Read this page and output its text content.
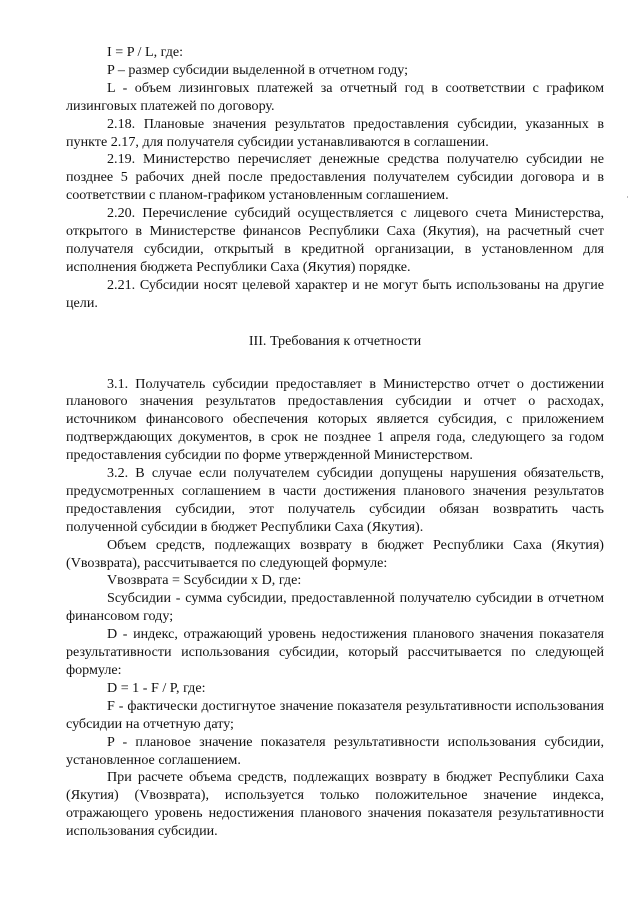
I = P / L, где:

P – размер субсидии выделенной в отчетном году;

L - объем лизинговых платежей за отчетный год в соответствии с графиком лизинговых платежей по договору.

2.18. Плановые значения результатов предоставления субсидии, указанных в пункте 2.17, для получателя субсидии устанавливаются в соглашении.

2.19. Министерство перечисляет денежные средства получателю субсидии не позднее 5 рабочих дней после предоставления получателем субсидии договора и в соответствии с планом-графиком установленным соглашением.

2.20. Перечисление субсидий осуществляется с лицевого счета Министерства, открытого в Министерстве финансов Республики Саха (Якутия), на расчетный счет получателя субсидии, открытый в кредитной организации, в установленном для исполнения бюджета Республики Саха (Якутия) порядке.

2.21. Субсидии носят целевой характер и не могут быть использованы на другие цели.

III. Требования к отчетности

3.1. Получатель субсидии предоставляет в Министерство отчет о достижении планового значения результатов предоставления субсидии и отчет о расходах, источником финансового обеспечения которых является субсидия, с приложением подтверждающих документов, в срок не позднее 1 апреля года, следующего за годом предоставления субсидии по форме утвержденной Министерством.

3.2. В случае если получателем субсидии допущены нарушения обязательств, предусмотренных соглашением в части достижения планового значения результатов предоставления субсидии, этот получатель субсидии обязан возвратить часть полученной субсидии в бюджет Республики Саха (Якутия).

Объем средств, подлежащих возврату в бюджет Республики Саха (Якутия) (Vвозврата), рассчитывается по следующей формуле:

Vвозврата = Sсубсидии x D, где:

Sсубсидии - сумма субсидии, предоставленной получателю субсидии в отчетном финансовом году;

D - индекс, отражающий уровень недостижения планового значения показателя результативности использования субсидии, который рассчитывается по следующей формуле:

D = 1 - F / P, где:

F - фактически достигнутое значение показателя результативности использования субсидии на отчетную дату;

P - плановое значение показателя результативности использования субсидии, установленное соглашением.

При расчете объема средств, подлежащих возврату в бюджет Республики Саха (Якутия) (Vвозврата), используется только положительное значение индекса, отражающего уровень недостижения планового значения показателя результативности использования субсидии.
